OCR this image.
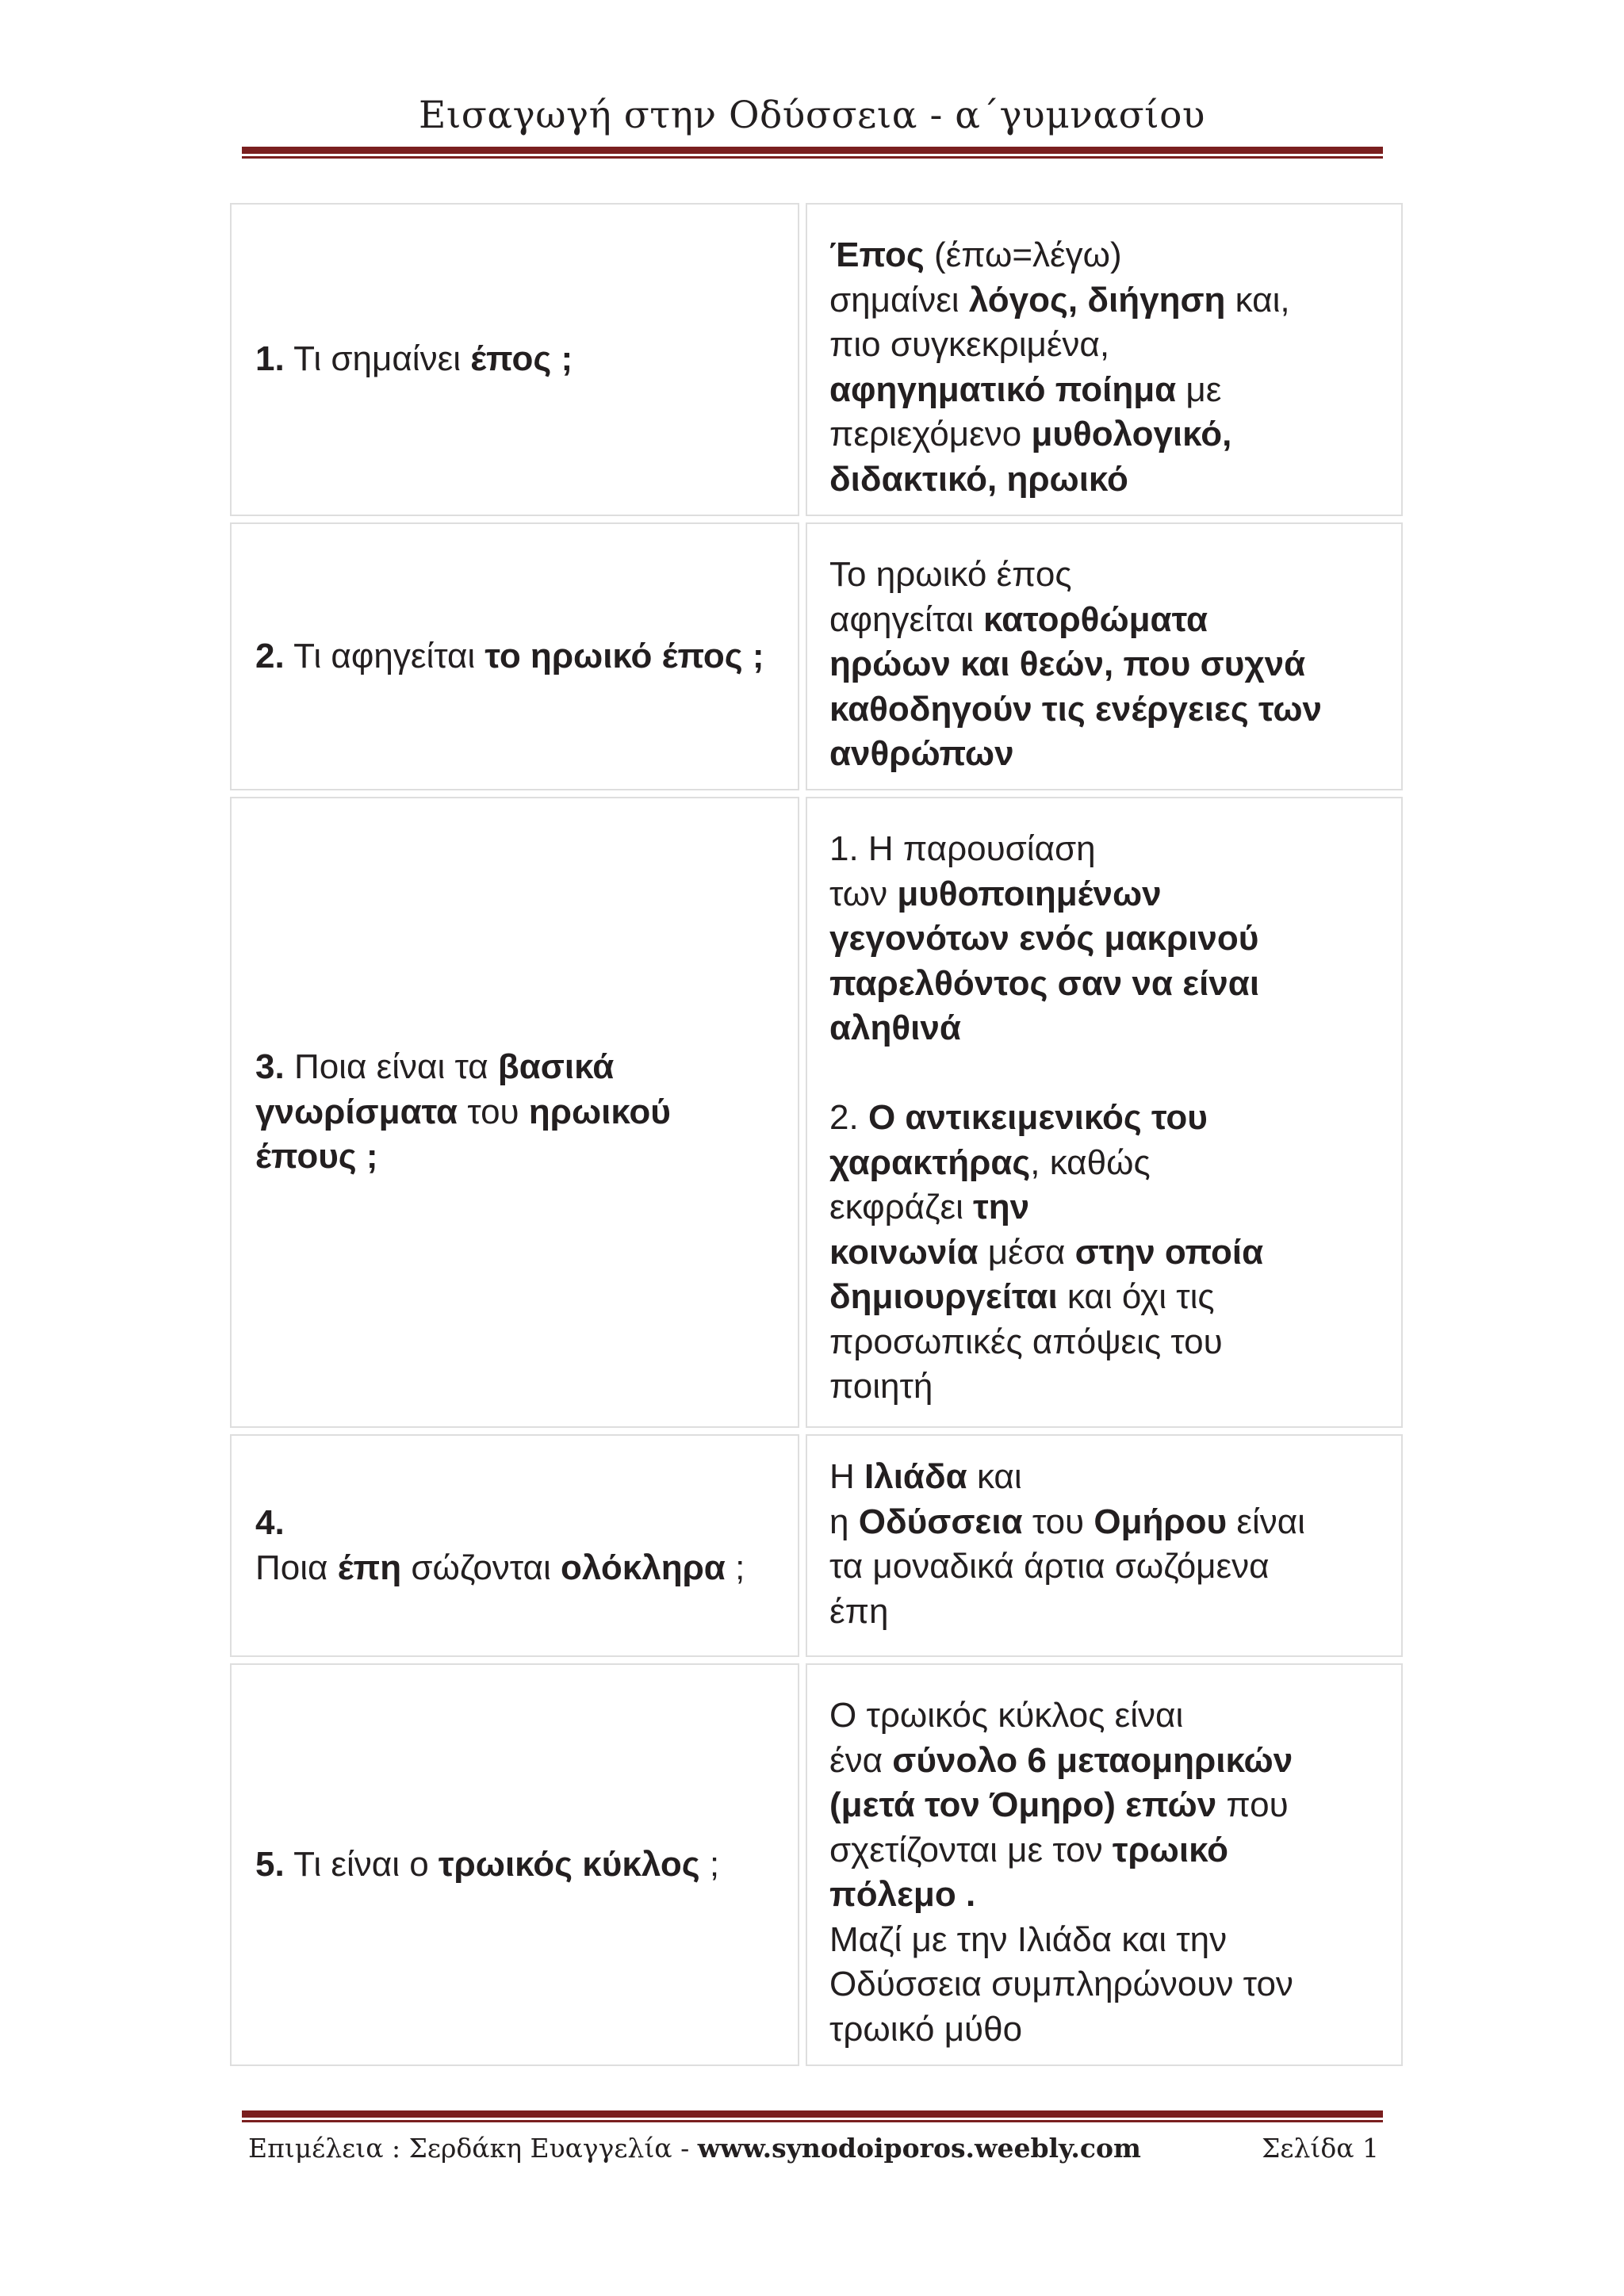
Εισαγωγή στην Οδύσσεια - α΄γυμνασίου
1. Τι σημαίνει έπος ;
Έπος (έπω=λέγω)
σημαίνει λόγος, διήγηση και,
πιο συγκεκριμένα,
αφηγηματικό ποίημα με
περιεχόμενο μυθολογικό,
διδακτικό, ηρωικό
2. Τι αφηγείται το ηρωικό έπος ;
Το ηρωικό έπος
αφηγείται κατορθώματα
ηρώων και θεών, που συχνά
καθοδηγούν τις ενέργειες των
ανθρώπων
3. Ποια είναι τα βασικά
γνωρίσματα του ηρωικού
έπους ;
1. Η παρουσίαση
των μυθοποιημένων
γεγονότων ενός μακρινού
παρελθόντος σαν να είναι
αληθινά
2. Ο αντικειμενικός του
χαρακτήρας, καθώς
εκφράζει την
κοινωνία μέσα στην οποία
δημιουργείται και όχι τις
προσωπικές απόψεις του
ποιητή
4.
Ποια έπη σώζονται ολόκληρα ;
Η Ιλιάδα και
η Οδύσσεια του Ομήρου είναι
τα μοναδικά άρτια σωζόμενα
έπη
5. Τι είναι ο τρωικός κύκλος ;
Ο τρωικός κύκλος είναι
ένα σύνολο 6 μεταομηρικών
(μετά τον Όμηρο) επών που
σχετίζονται με τον τρωικό
πόλεμο .
Μαζί με την Ιλιάδα και την
Οδύσσεια συμπληρώνουν τον
τρωικό μύθο
Επιμέλεια : Σερδάκη Ευαγγελία - www.synodoiporos.weebly.com	Σελίδα 1
